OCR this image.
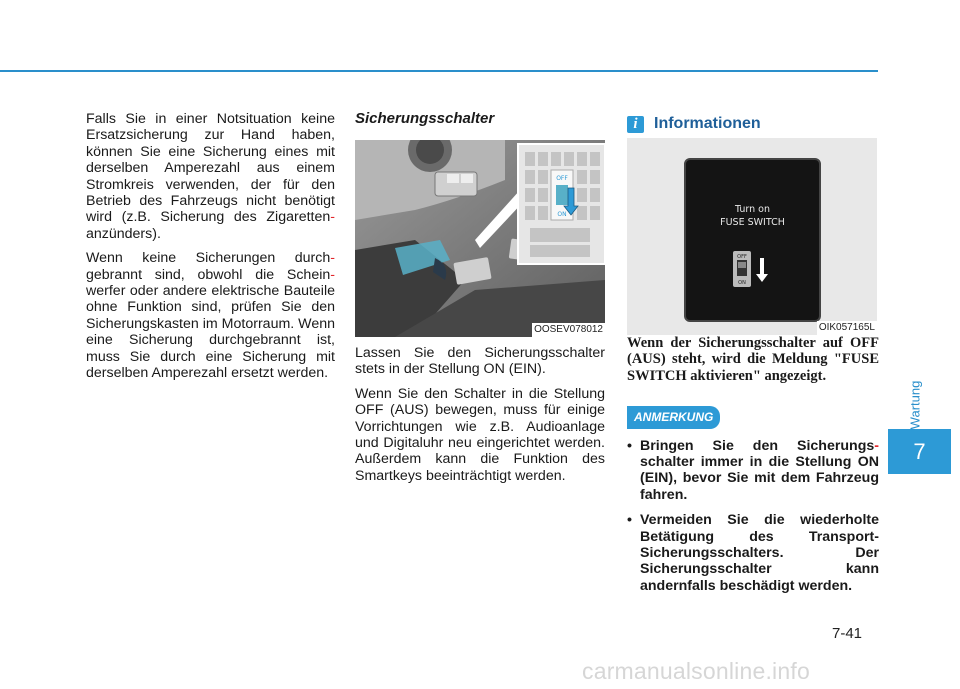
Falls Sie in einer Notsituation keine Ersatzsicherung zur Hand haben, können Sie eine Sicherung eines mit derselben Amperezahl aus einem Stromkreis verwenden, der für den Betrieb des Fahrzeugs nicht benötigt wird (z.B. Sicherung des Zigaretten- anzünders).

Wenn keine Sicherungen durch- gebrannt sind, obwohl die Schein- werfer oder andere elektrische Bauteile ohne Funktion sind, prüfen Sie den Sicherungskasten im Motorraum. Wenn eine Sicherung durchgebrannt ist, muss Sie durch eine Sicherung mit derselben Amperezahl ersetzt werden.

Sicherungsschalter
OFF
ON
OOSEV078012

Lassen Sie den Sicherungsschalter stets in der Stellung ON (EIN).

Wenn Sie den Schalter in die Stellung OFF (AUS) bewegen, muss für einige Vorrichtungen wie z.B. Audioanlage und Digitaluhr neu eingerichtet werden. Außerdem kann die Funktion des Smartkeys beeinträchtigt werden.

i	Informationen
Turn on
FUSE SWITCH
OFF
ON
OIK057165L

Wenn der Sicherungsschalter auf OFF (AUS) steht, wird die Meldung "FUSE SWITCH aktivieren" angezeigt.

ANMERKUNG
• Bringen Sie den Sicherungs- schalter immer in die Stellung ON (EIN), bevor Sie mit dem Fahrzeug fahren.
• Vermeiden Sie die wiederholte Betätigung des Transport-Sicherungsschalters. Der Sicherungsschalter kann andernfalls beschädigt werden.
Wartung
7
7-41
carmanualsonline.info
